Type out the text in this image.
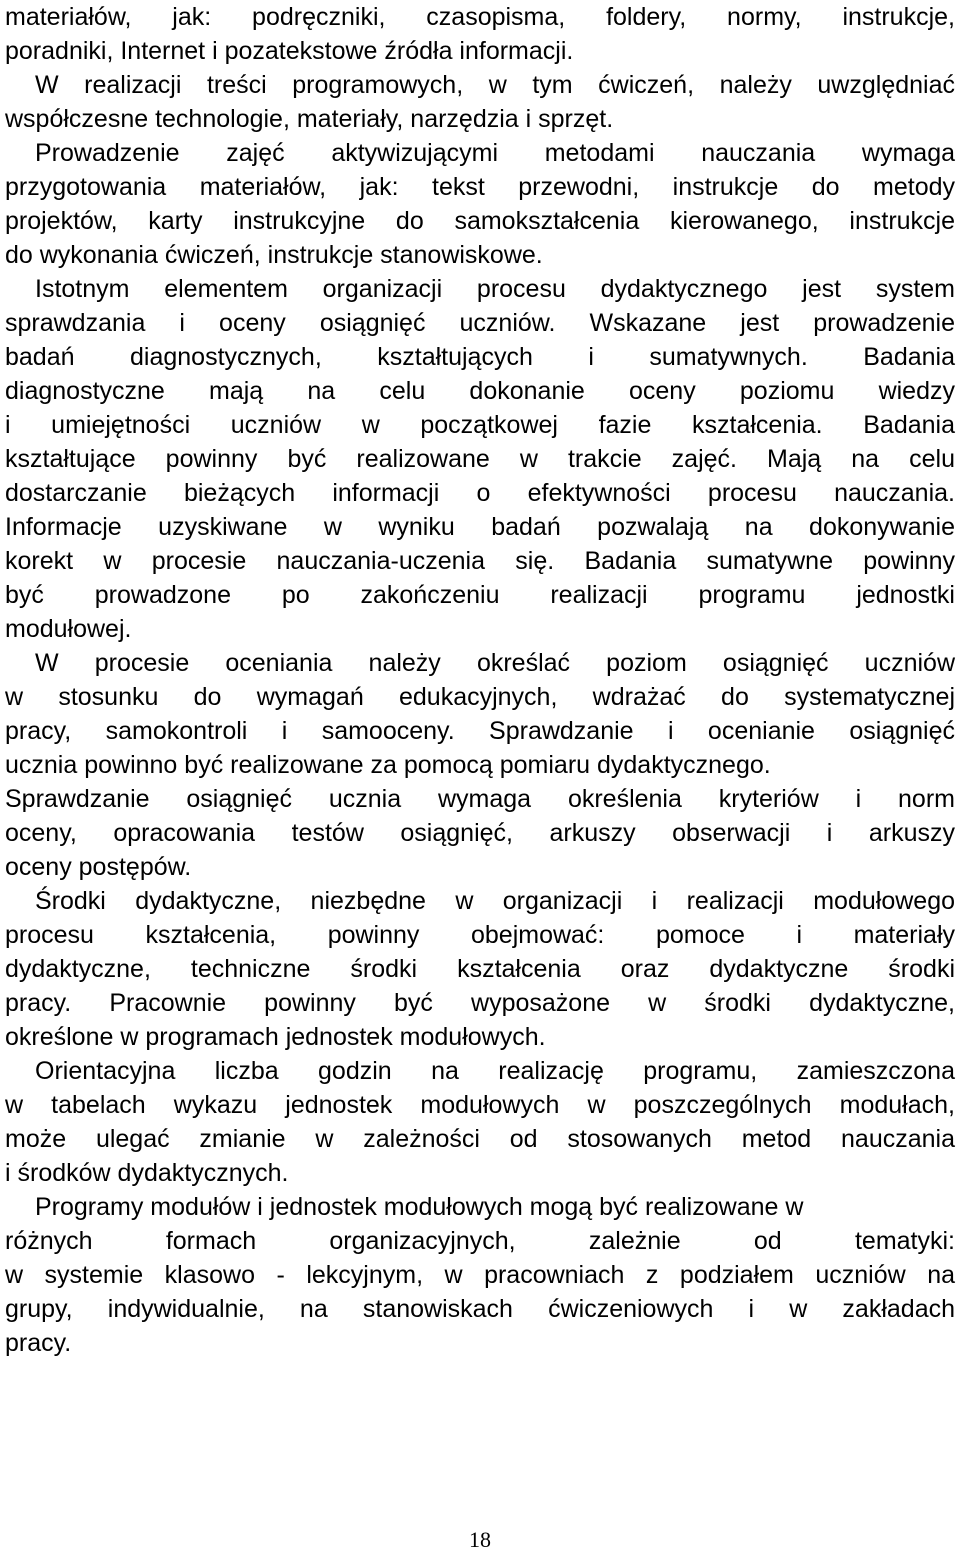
materiałów, jak: podręczniki, czasopisma, foldery, normy, instrukcje,
poradniki, Internet i pozatekstowe źródła informacji.
W realizacji treści programowych, w tym ćwiczeń, należy uwzględniać
współczesne technologie, materiały, narzędzia i sprzęt.
Prowadzenie zajęć aktywizującymi metodami nauczania wymaga
przygotowania materiałów, jak: tekst przewodni, instrukcje do metody
projektów, karty instrukcyjne do samokształcenia kierowanego, instrukcje
do wykonania ćwiczeń, instrukcje stanowiskowe.
Istotnym elementem organizacji procesu dydaktycznego jest system
sprawdzania i oceny osiągnięć uczniów. Wskazane jest prowadzenie
badań diagnostycznych, kształtujących i sumatywnych. Badania
diagnostyczne mają na celu dokonanie oceny poziomu wiedzy
i umiejętności uczniów w początkowej fazie kształcenia. Badania
kształtujące powinny być realizowane w trakcie zajęć. Mają na celu
dostarczanie bieżących informacji o efektywności procesu nauczania.
Informacje uzyskiwane w wyniku badań pozwalają na dokonywanie
korekt w procesie nauczania-uczenia się. Badania sumatywne powinny
być prowadzone po zakończeniu realizacji programu jednostki
modułowej.
W procesie oceniania należy określać poziom osiągnięć uczniów
w stosunku do wymagań edukacyjnych, wdrażać do systematycznej
pracy, samokontroli i samooceny. Sprawdzanie i ocenianie osiągnięć
ucznia powinno być realizowane za pomocą pomiaru dydaktycznego.
Sprawdzanie osiągnięć ucznia wymaga określenia kryteriów i norm
oceny, opracowania testów osiągnięć, arkuszy obserwacji i arkuszy
oceny postępów.
Środki dydaktyczne, niezbędne w organizacji i realizacji modułowego
procesu kształcenia, powinny obejmować: pomoce i materiały
dydaktyczne, techniczne środki kształcenia oraz dydaktyczne środki
pracy. Pracownie powinny być wyposażone w środki dydaktyczne,
określone w programach jednostek modułowych.
Orientacyjna liczba godzin na realizację programu, zamieszczona
w tabelach wykazu jednostek modułowych w poszczególnych modułach,
może ulegać zmianie w zależności od stosowanych metod nauczania
i środków dydaktycznych.
Programy modułów i jednostek modułowych mogą być realizowane w
różnych formach organizacyjnych, zależnie od tematyki:
w systemie klasowo - lekcyjnym, w pracowniach z podziałem uczniów na
grupy, indywidualnie, na stanowiskach ćwiczeniowych i w zakładach
pracy.
18
